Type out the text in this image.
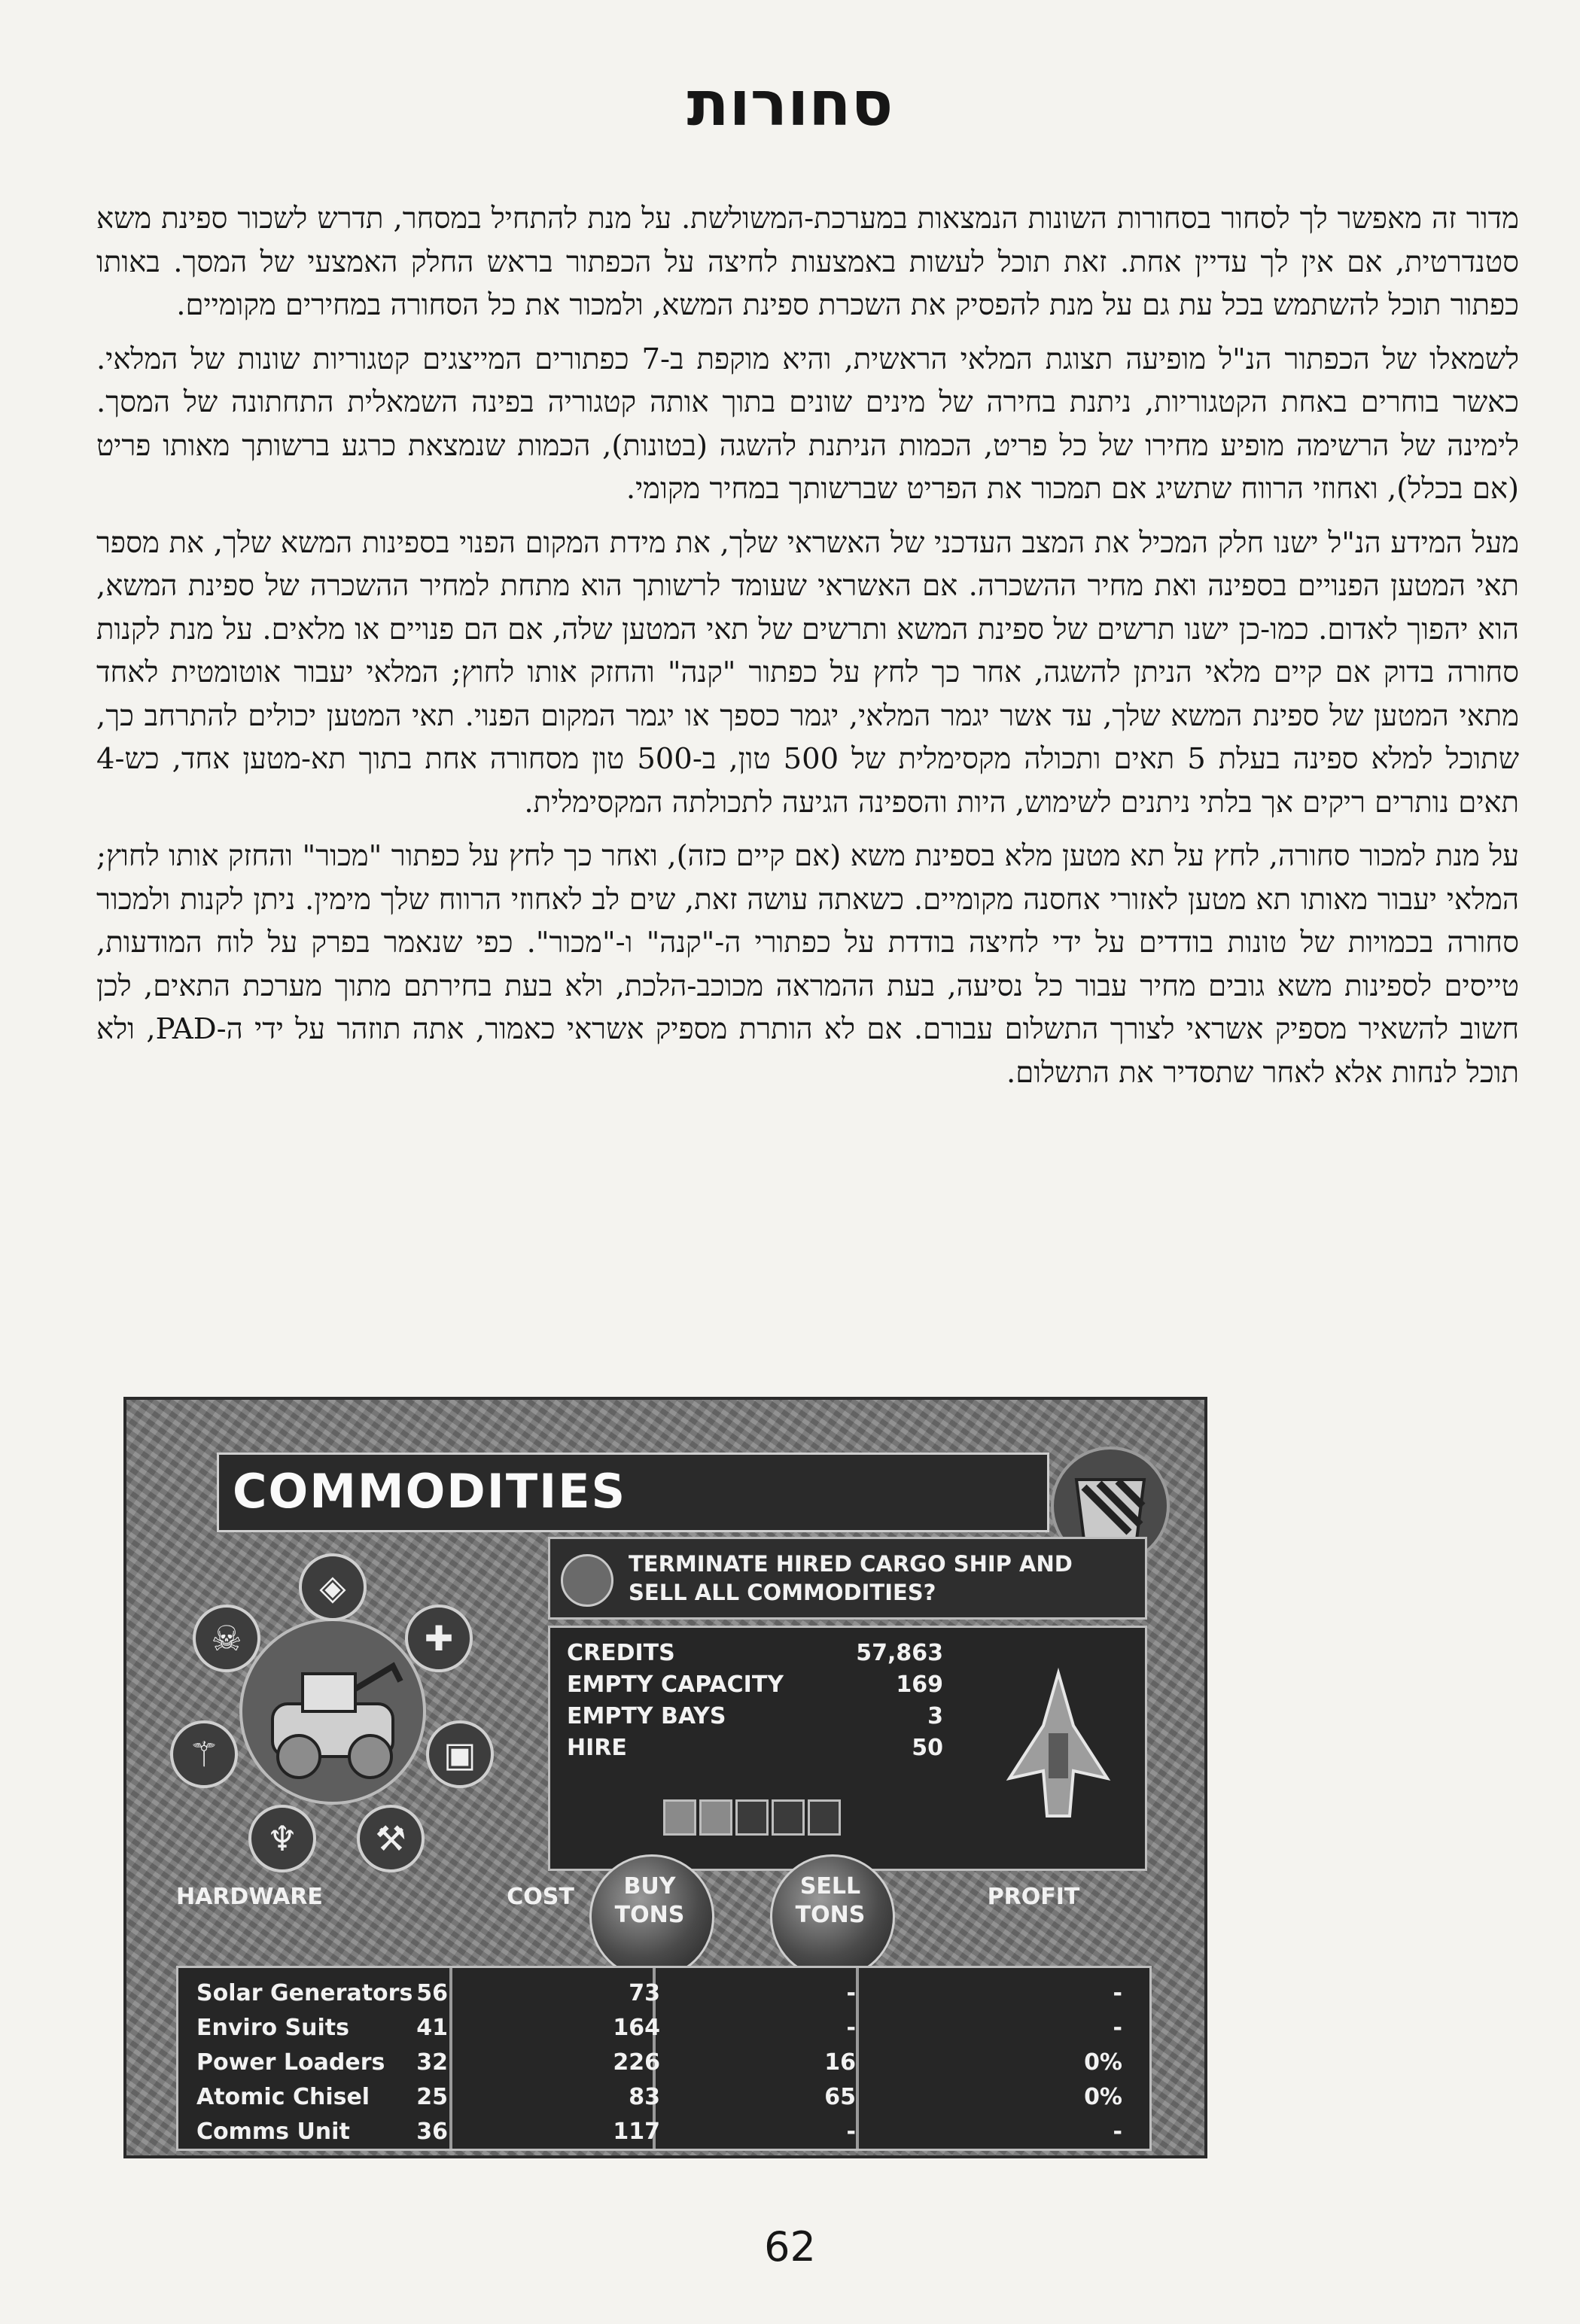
סחורות

מדור זה מאפשר לך לסחור בסחורות השונות הנמצאות במערכת-המשולשת. על מנת להתחיל במסחר, תדרש לשכור ספינת משא סטנדרטית, אם אין לך עדיין אחת. זאת תוכל לעשות באמצעות לחיצה על הכפתור בראש החלק האמצעי של המסך. באותו כפתור תוכל להשתמש בכל עת גם על מנת להפסיק את השכרת ספינת המשא, ולמכור את כל הסחורה במחירים מקומיים.

לשמאלו של הכפתור הנ"ל מופיעה תצוגת המלאי הראשית, והיא מוקפת ב-7 כפתורים המייצגים קטגוריות שונות של המלאי. כאשר בוחרים באחת הקטגוריות, ניתנת בחירה של מינים שונים בתוך אותה קטגוריה בפינה השמאלית התחתונה של המסך. לימינה של הרשימה מופיע מחירו של כל פריט, הכמות הניתנת להשגה (בטונות), הכמות שנמצאת כרגע ברשותך מאותו פריט (אם בכלל), ואחוזי הרווח שתשיג אם תמכור את הפריט שברשותך במחיר מקומי.

מעל המידע הנ"ל ישנו חלק המכיל את המצב העדכני של האשראי שלך, את מידת המקום הפנוי בספינות המשא שלך, את מספר תאי המטען הפנויים בספינה ואת מחיר ההשכרה. אם האשראי שעומד לרשותך הוא מתחת למחיר ההשכרה של ספינת המשא, הוא יהפוך לאדום. כמו-כן ישנו תרשים של ספינת המשא ותרשים של תאי המטען שלה, אם הם פנויים או מלאים. על מנת לקנות סחורה בדוק אם קיים מלאי הניתן להשגה, אחר כך לחץ על כפתור "קנה" והחזק אותו לחוץ; המלאי יעבור אוטומטית לאחד מתאי המטען של ספינת המשא שלך, עד אשר יגמר המלאי, יגמר כספך או יגמר המקום הפנוי. תאי המטען יכולים להתרחב כך, שתוכל למלא ספינה בעלת 5 תאים ותכולה מקסימלית של 500 טון, ב-500 טון מסחורה אחת בתוך תא-מטען אחד, כש-4 תאים נותרים ריקים אך בלתי ניתנים לשימוש, היות והספינה הגיעה לתכולתה המקסימלית.

על מנת למכור סחורה, לחץ על תא מטען מלא בספינת משא (אם קיים כזה), ואחר כך לחץ על כפתור "מכור" והחזק אותו לחוץ; המלאי יעבור מאותו תא מטען לאזורי אחסנה מקומיים. כשאתה עושה זאת, שים לב לאחוזי הרווח שלך מימין. ניתן לקנות ולמכור סחורה בכמויות של טונות בודדים על ידי לחיצה בודדת על כפתורי ה-"קנה" ו-"מכור". כפי שנאמר בפרק על לוח המודעות, טייסים לספינות משא גובים מחיר עבור כל נסיעה, בעת ההמראה מכוכב-הלכת, ולא בעת בחירתם מתוך מערכת התאים, לכן חשוב להשאיר מספיק אשראי לצורך התשלום עבורם. אם לא הותרת מספיק אשראי כאמור, אתה תוזהר על ידי ה-PAD, ולא תוכל לנחות אלא לאחר שתסדיר את התשלום.

COMMODITIES
◈
☠	✚
⚚	▣
♆	⚒
TERMINATE HIRED CARGO SHIP AND SELL ALL COMMODITIES?
CREDITS	57,863
EMPTY CAPACITY	169
EMPTY BAYS	3
HIRE	50
HARDWARE	COST	BUY TONS
SELL TONS
PROFIT
Solar Generators 56	73	-	-
Enviro Suits	41	164	-	-
Power Loaders 32	226	16	0%
Atomic Chisel 25	83	65	0%
Comms Unit	36	117	-	-
62
